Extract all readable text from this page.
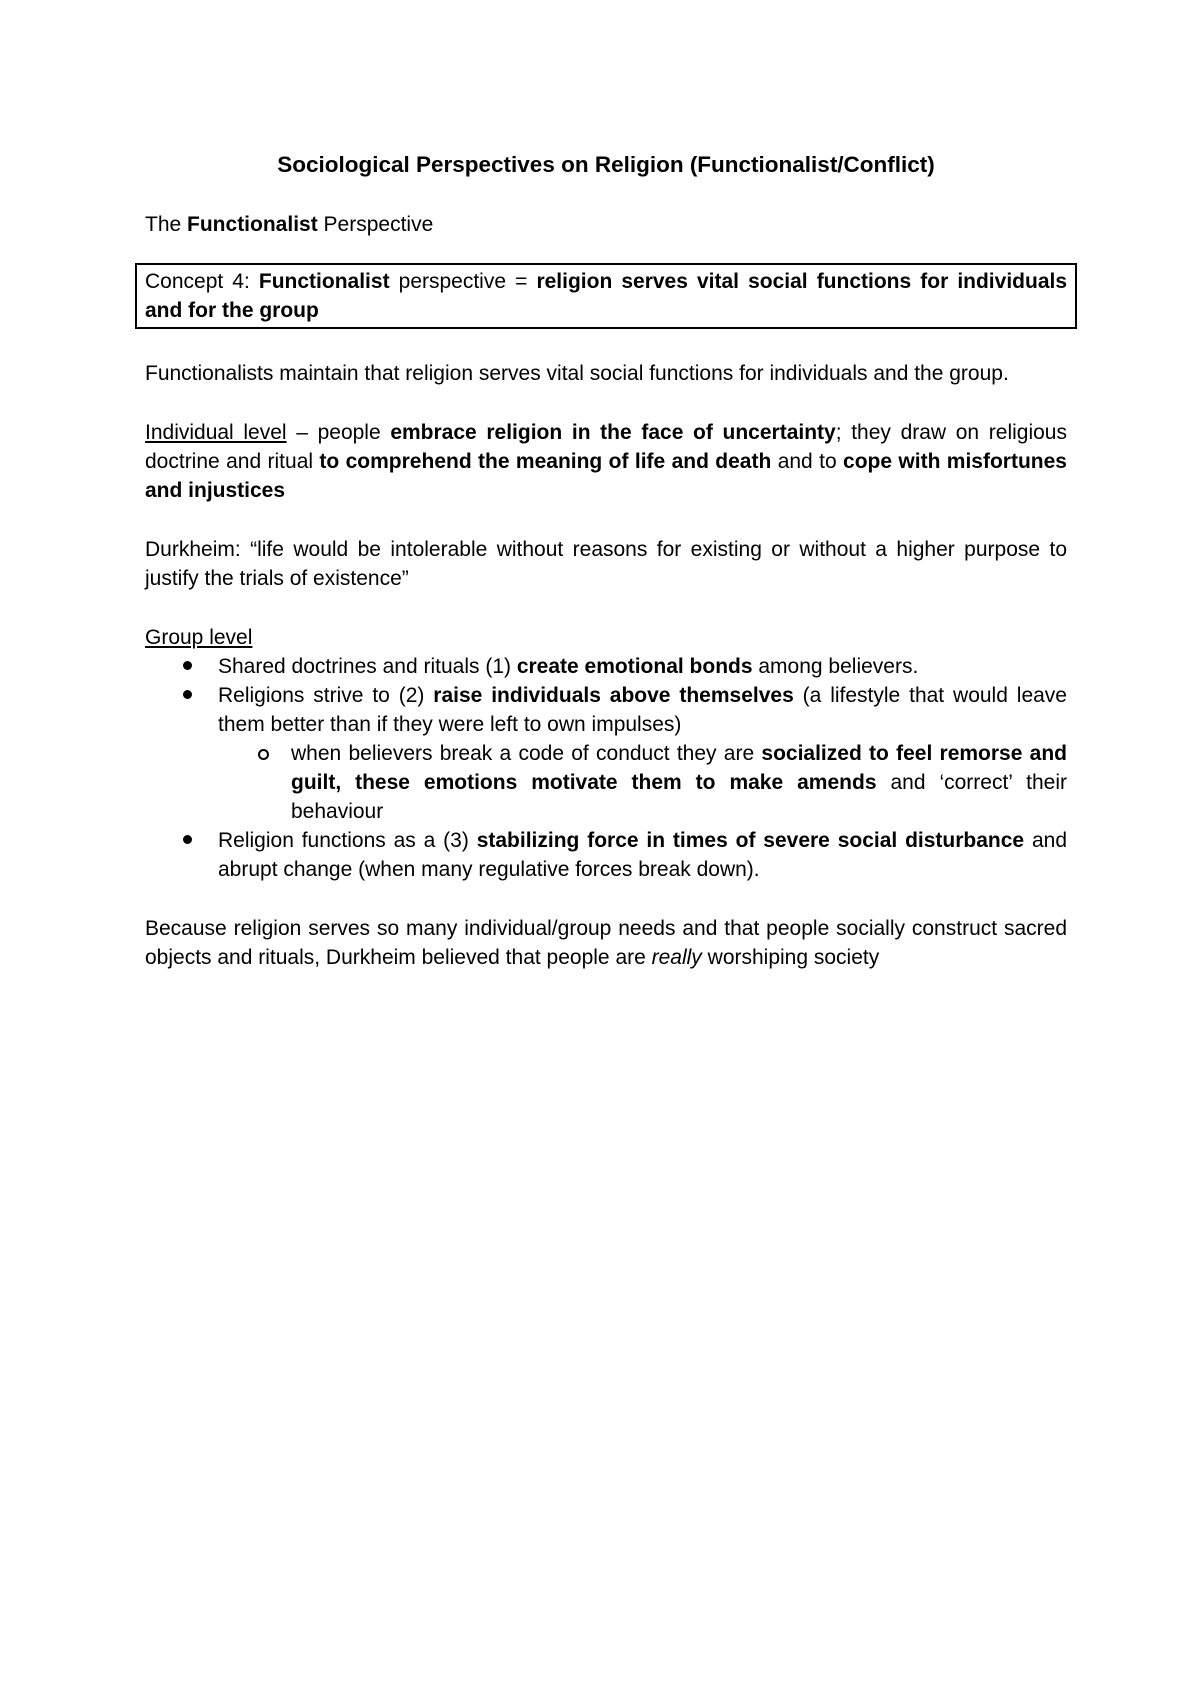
Sociological Perspectives on Religion (Functionalist/Conflict)
The Functionalist Perspective
Concept 4: Functionalist perspective = religion serves vital social functions for individuals and for the group

Functionalists maintain that religion serves vital social functions for individuals and the group.

Individual level – people embrace religion in the face of uncertainty; they draw on religious doctrine and ritual to comprehend the meaning of life and death and to cope with misfortunes and injustices

Durkheim: “life would be intolerable without reasons for existing or without a higher purpose to justify the trials of existence”

Group level

Shared doctrines and rituals (1) create emotional bonds among believers.
Religions strive to (2) raise individuals above themselves (a lifestyle that would leave them better than if they were left to own impulses)
when believers break a code of conduct they are socialized to feel remorse and guilt, these emotions motivate them to make amends and ‘correct’ their behaviour
Religion functions as a (3) stabilizing force in times of severe social disturbance and abrupt change (when many regulative forces break down).

Because religion serves so many individual/group needs and that people socially construct sacred objects and rituals, Durkheim believed that people are really worshiping society
